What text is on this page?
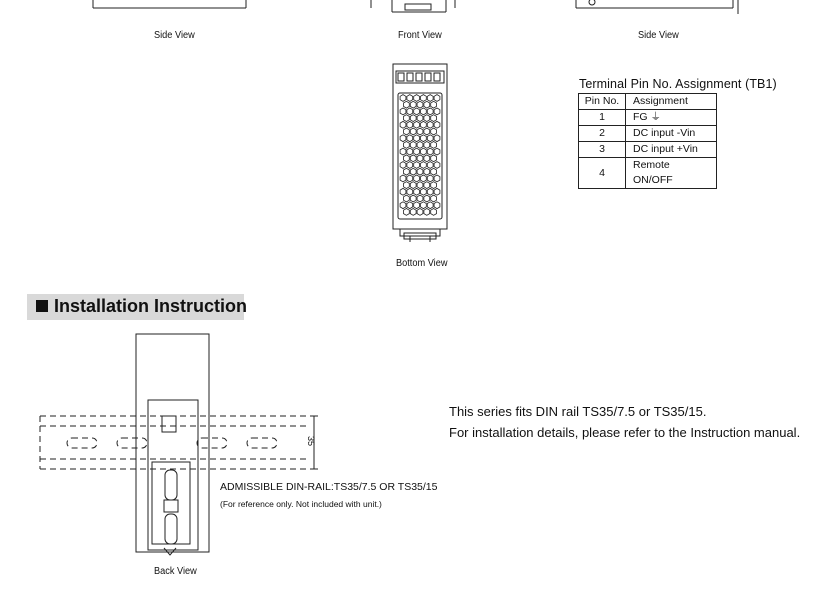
Side View	Front View	Side View
Bottom View
Back View
Terminal Pin No. Assignment (TB1)
Pin No.	Assignment
1	FG ⏚
2	DC input -Vin
3	DC input +Vin
4	Remote ON/OFF
Installation Instruction
This series fits DIN rail TS35/7.5 or TS35/15.
For installation details, please refer to the Instruction manual.
35
ADMISSIBLE DIN-RAIL:TS35/7.5 OR TS35/15
(For reference only. Not included with unit.)
